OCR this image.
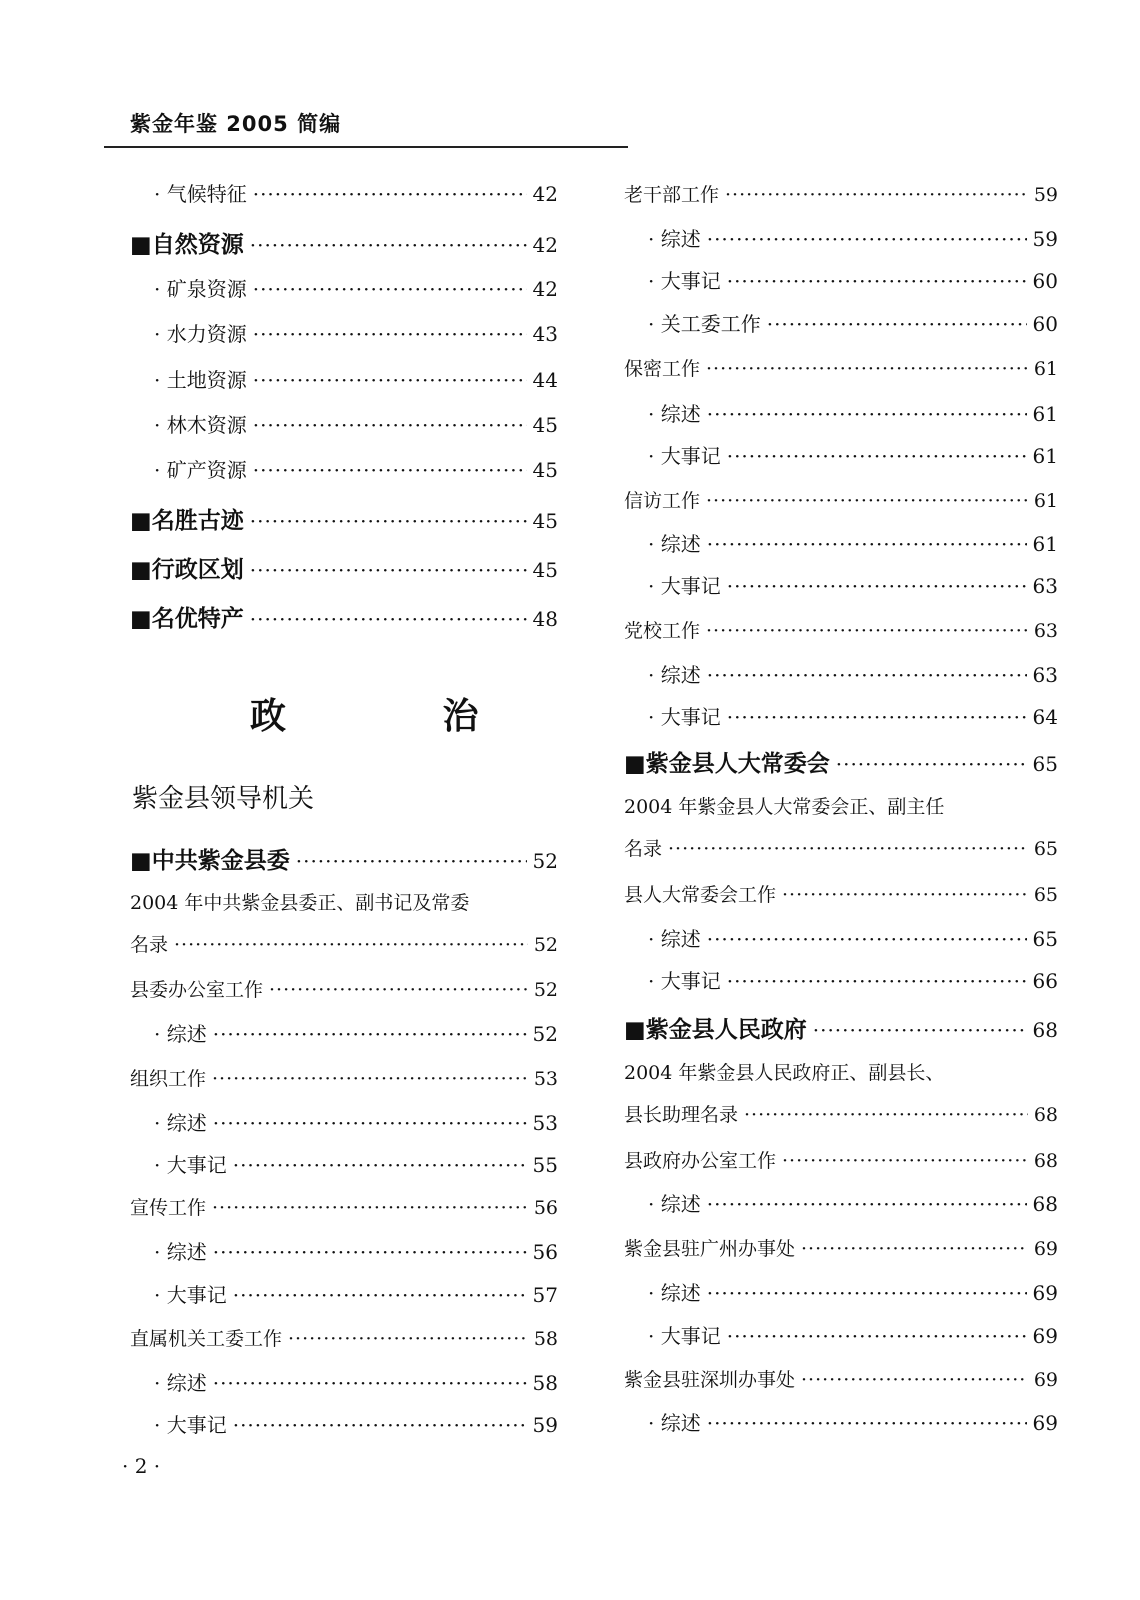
紫金年鉴 2005 简编
· 气候特征 ·····	42
■自然资源 ·····	42
· 矿泉资源 ·····	42
· 水力资源 ·····	43
· 土地资源 ·····	44
· 林木资源 ·····	45
· 矿产资源 ·····	45
■名胜古迹 ·····	45
■行政区划 ·····	45
■名优特产 ·····	48
■中共紫金县委 ·····	52
2004 年中共紫金县委正、副书记及常委
名录 ·····	52
县委办公室工作 ·····	52
· 综述 ·····	52
组织工作 ·····	53
· 综述 ·····	53
· 大事记 ·····	55
宣传工作 ·····	56
· 综述 ·····	56
· 大事记 ·····	57
直属机关工委工作 ·····	58
· 综述 ·····	58
· 大事记 ·····	59
老干部工作 ·····	59
· 综述 ·····	59
· 大事记 ·····	60
· 关工委工作 ·····	60
保密工作 ·····	61
· 综述 ·····	61
· 大事记 ·····	61
信访工作 ·····	61
· 综述 ·····	61
· 大事记 ·····	63
党校工作 ·····	63
· 综述 ·····	63
· 大事记 ·····	64
■紫金县人大常委会 ·····	65
2004 年紫金县人大常委会正、副主任
名录 ·····	65
县人大常委会工作 ·····	65
· 综述 ·····	65
· 大事记 ·····	66
■紫金县人民政府 ·····	68
2004 年紫金县人民政府正、副县长、
县长助理名录 ·····	68
县政府办公室工作 ·····	68
· 综述 ·····	68
紫金县驻广州办事处 ·····	69
· 综述 ·····	69
· 大事记 ·····	69
紫金县驻深圳办事处 ·····	69
· 综述 ·····	69
政 治
紫金县领导机关
· 2 ·
